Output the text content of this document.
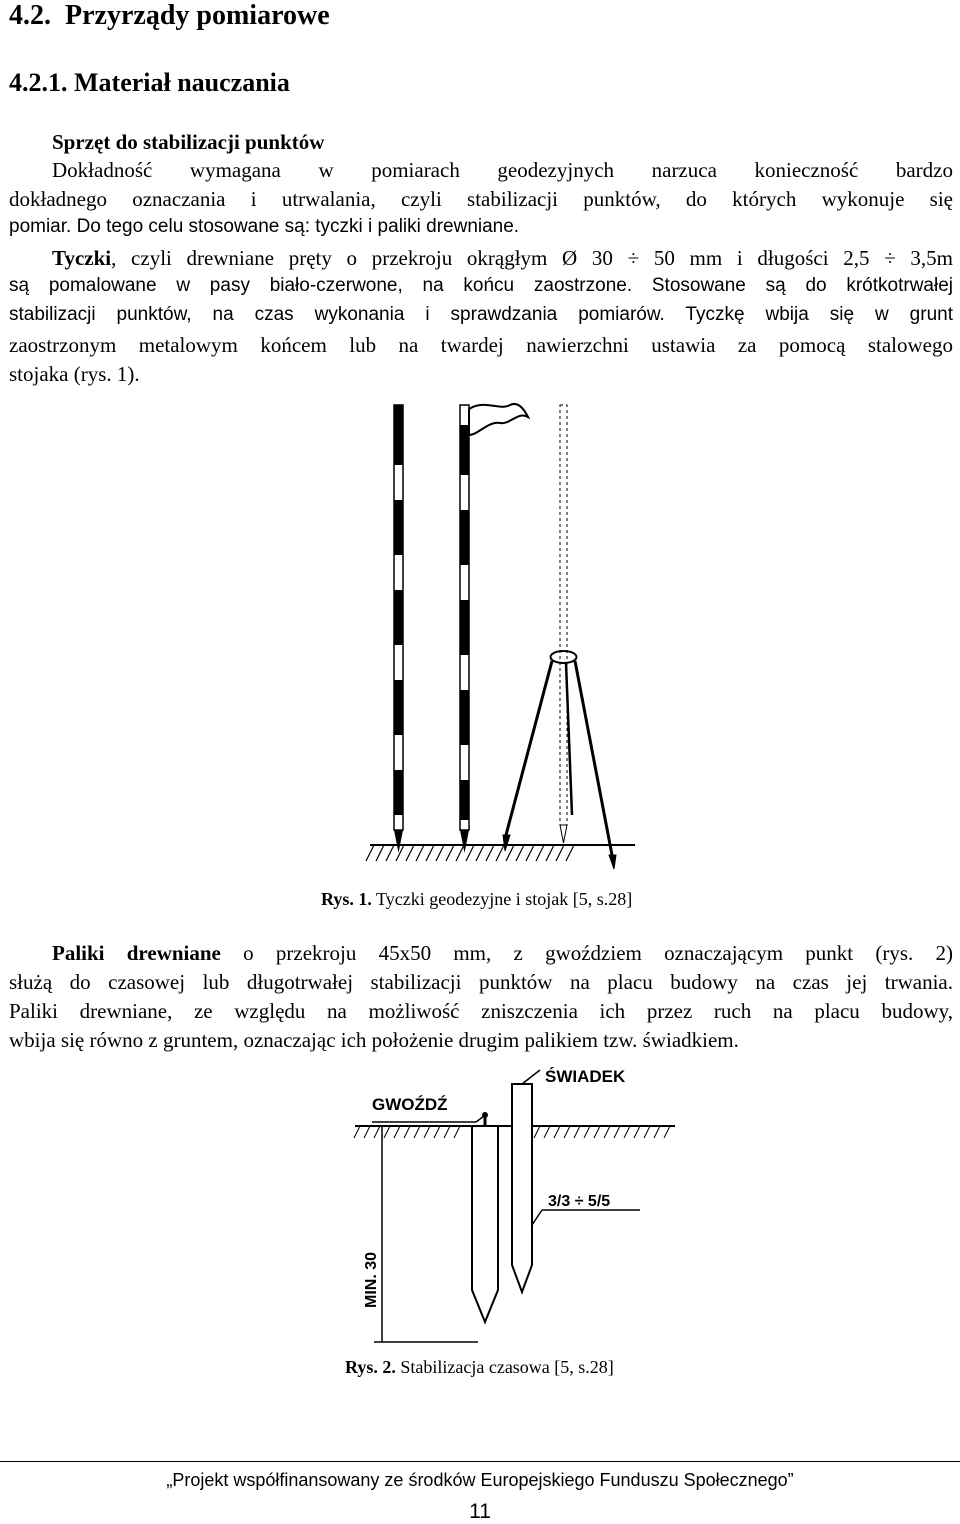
4.2. Przyrządy pomiarowe
4.2.1. Materiał nauczania
Sprzęt do stabilizacji punktów
Dokładność wymagana w pomiarach geodezyjnych narzuca konieczność bardzo
dokładnego oznaczania i utrwalania, czyli stabilizacji punktów, do których wykonuje się
pomiar. Do tego celu stosowane są: tyczki i paliki drewniane.
Tyczki, czyli drewniane pręty o przekroju okrągłym Ø 30 ÷ 50 mm i długości 2,5 ÷ 3,5m
są pomalowane w pasy biało-czerwone, na końcu zaostrzone. Stosowane są do krótkotrwałej
stabilizacji punktów, na czas wykonania i sprawdzania pomiarów. Tyczkę wbija się w grunt
zaostrzonym metalowym końcem lub na twardej nawierzchni ustawia za pomocą stalowego
stojaka (rys. 1).
Rys. 1. Tyczki geodezyjne i stojak [5, s.28]
Paliki drewniane o przekroju 45x50 mm, z gwoździem oznaczającym punkt (rys. 2)
służą do czasowej lub długotrwałej stabilizacji punktów na placu budowy na czas jej trwania.
Paliki drewniane, ze względu na możliwość zniszczenia ich przez ruch na placu budowy,
wbija się równo z gruntem, oznaczając ich położenie drugim palikiem tzw. świadkiem.
GWOŹDŹ
ŚWIADEK
3/3 ÷ 5/5
MIN. 30
Rys. 2. Stabilizacja czasowa [5, s.28]
„Projekt współfinansowany ze środków Europejskiego Funduszu Społecznego”
11
